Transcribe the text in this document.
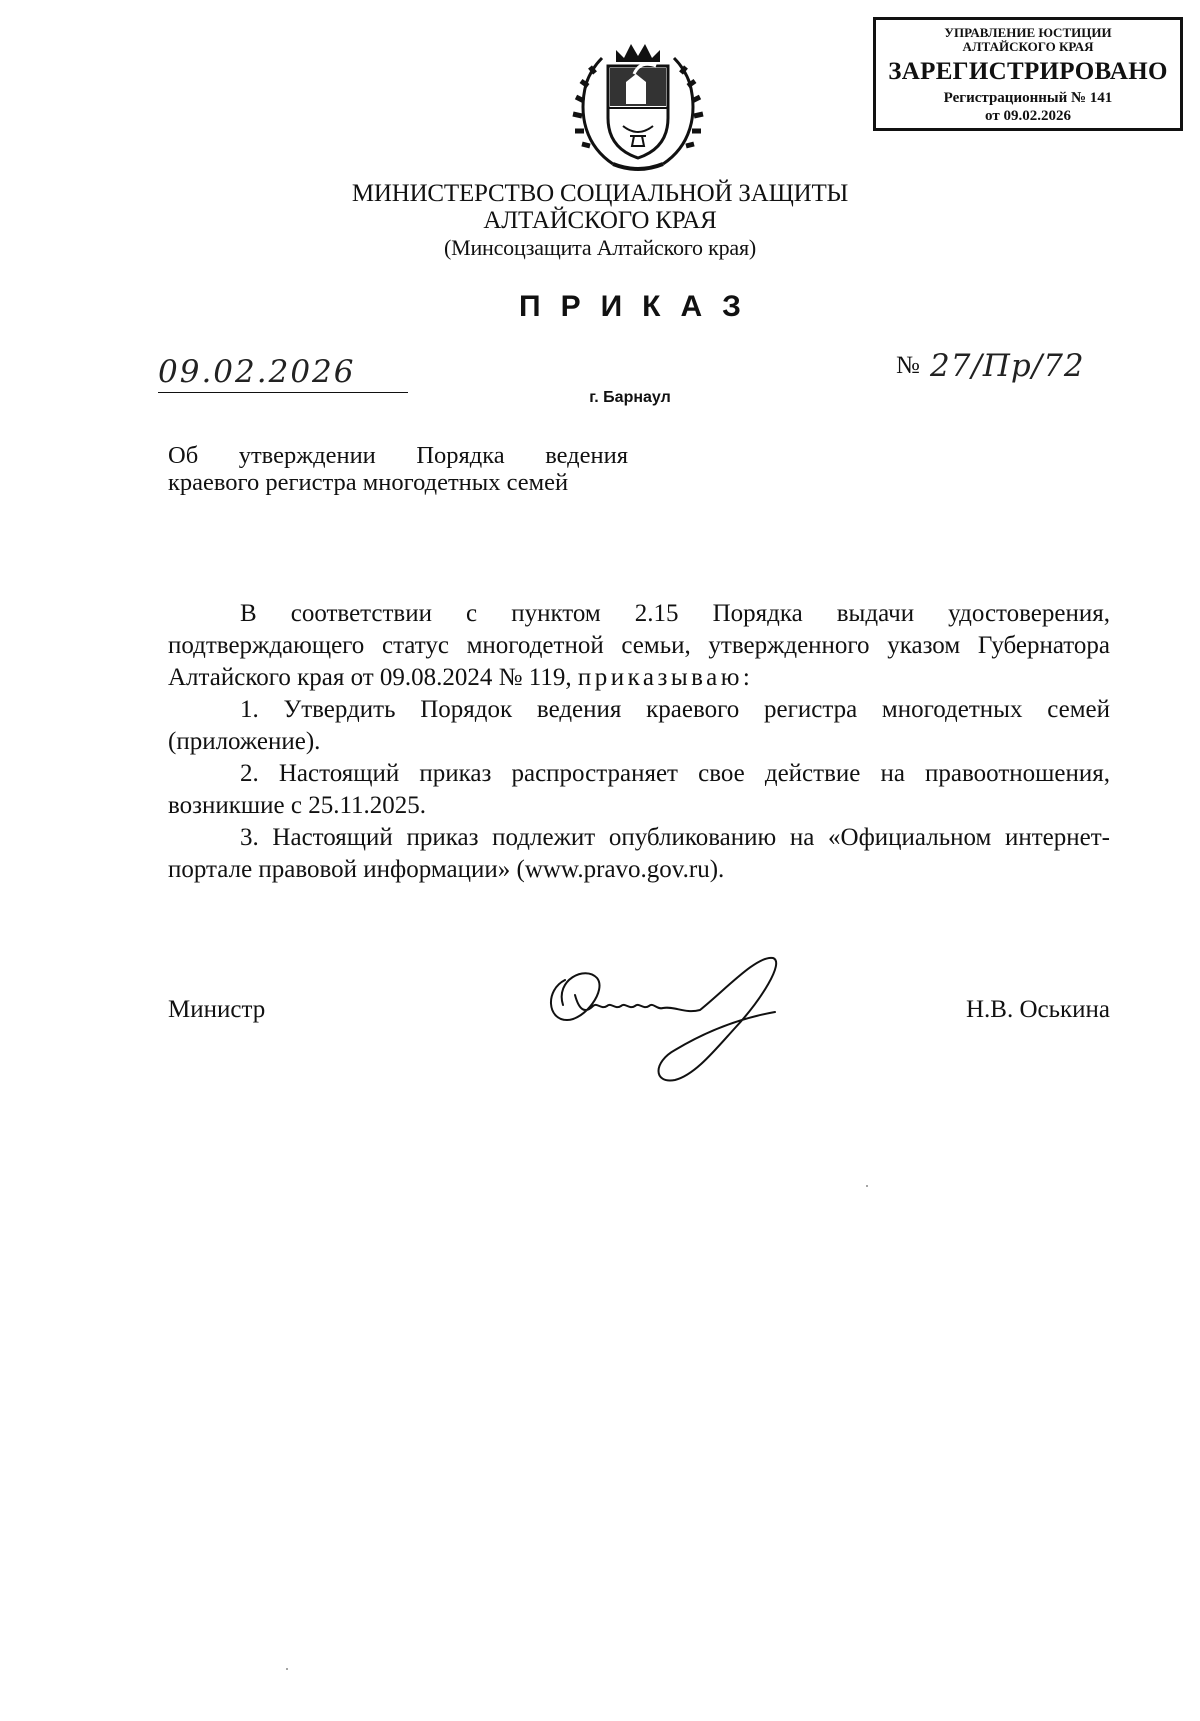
УПРАВЛЕНИЕ ЮСТИЦИИ
АЛТАЙСКОГО КРАЯ
ЗАРЕГИСТРИРОВАНО
Регистрационный № 141
от 09.02.2026
МИНИСТЕРСТВО СОЦИАЛЬНОЙ ЗАЩИТЫ
АЛТАЙСКОГО КРАЯ
(Минсоцзащита Алтайского края)
ПРИКАЗ
09.02.2026	№ 27/Пр/72
г. Барнаул
Об утверждении Порядка ведения
краевого регистра многодетных семей

В соответствии с пунктом 2.15 Порядка выдачи удостоверения, подтверждающего статус многодетной семьи, утвержденного указом Губернатора Алтайского края от 09.08.2024 № 119, приказываю:

1. Утвердить Порядок ведения краевого регистра многодетных семей (приложение).

2. Настоящий приказ распространяет свое действие на правоотношения, возникшие с 25.11.2025.

3. Настоящий приказ подлежит опубликованию на «Официальном интернет-портале правовой информации» (www.pravo.gov.ru).

Министр	Н.В. Оськина
